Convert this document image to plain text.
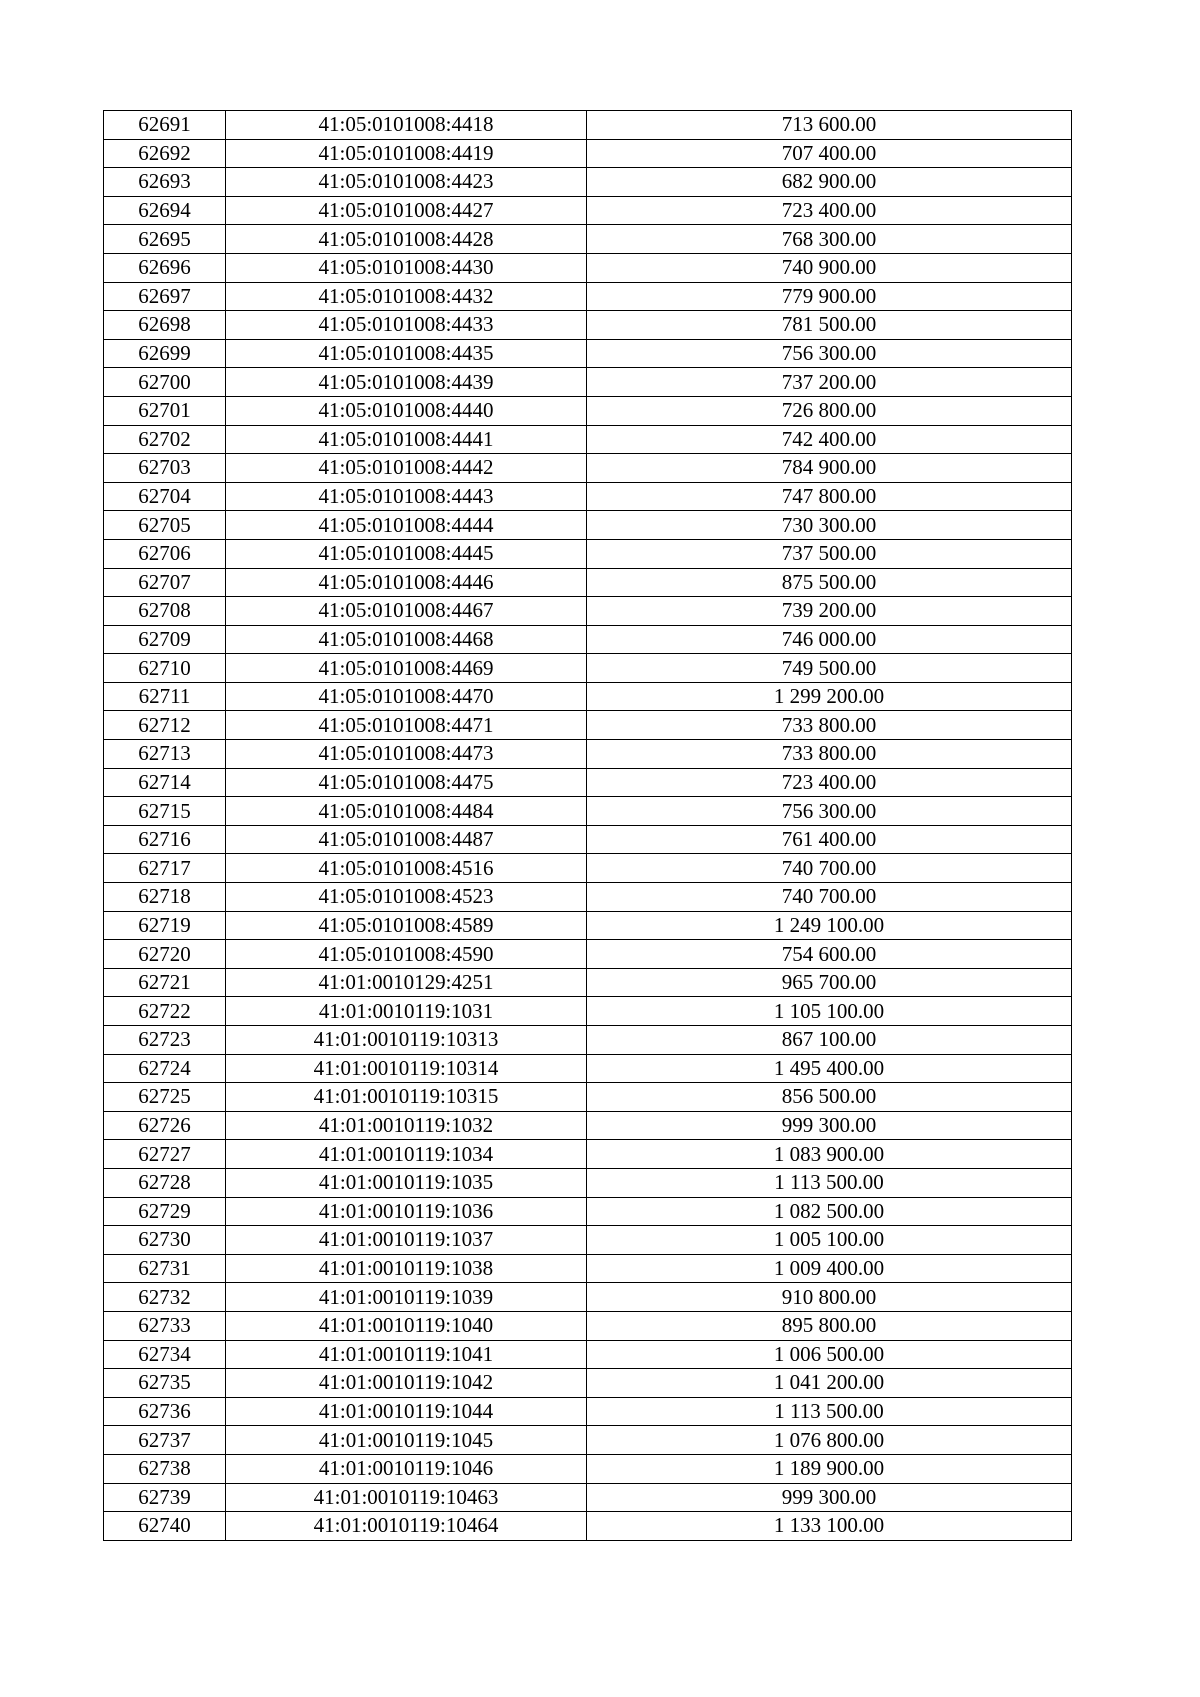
62691	41:05:0101008:4418	713 600.00
62692	41:05:0101008:4419	707 400.00
62693	41:05:0101008:4423	682 900.00
62694	41:05:0101008:4427	723 400.00
62695	41:05:0101008:4428	768 300.00
62696	41:05:0101008:4430	740 900.00
62697	41:05:0101008:4432	779 900.00
62698	41:05:0101008:4433	781 500.00
62699	41:05:0101008:4435	756 300.00
62700	41:05:0101008:4439	737 200.00
62701	41:05:0101008:4440	726 800.00
62702	41:05:0101008:4441	742 400.00
62703	41:05:0101008:4442	784 900.00
62704	41:05:0101008:4443	747 800.00
62705	41:05:0101008:4444	730 300.00
62706	41:05:0101008:4445	737 500.00
62707	41:05:0101008:4446	875 500.00
62708	41:05:0101008:4467	739 200.00
62709	41:05:0101008:4468	746 000.00
62710	41:05:0101008:4469	749 500.00
62711	41:05:0101008:4470	1 299 200.00
62712	41:05:0101008:4471	733 800.00
62713	41:05:0101008:4473	733 800.00
62714	41:05:0101008:4475	723 400.00
62715	41:05:0101008:4484	756 300.00
62716	41:05:0101008:4487	761 400.00
62717	41:05:0101008:4516	740 700.00
62718	41:05:0101008:4523	740 700.00
62719	41:05:0101008:4589	1 249 100.00
62720	41:05:0101008:4590	754 600.00
62721	41:01:0010129:4251	965 700.00
62722	41:01:0010119:1031	1 105 100.00
62723	41:01:0010119:10313	867 100.00
62724	41:01:0010119:10314	1 495 400.00
62725	41:01:0010119:10315	856 500.00
62726	41:01:0010119:1032	999 300.00
62727	41:01:0010119:1034	1 083 900.00
62728	41:01:0010119:1035	1 113 500.00
62729	41:01:0010119:1036	1 082 500.00
62730	41:01:0010119:1037	1 005 100.00
62731	41:01:0010119:1038	1 009 400.00
62732	41:01:0010119:1039	910 800.00
62733	41:01:0010119:1040	895 800.00
62734	41:01:0010119:1041	1 006 500.00
62735	41:01:0010119:1042	1 041 200.00
62736	41:01:0010119:1044	1 113 500.00
62737	41:01:0010119:1045	1 076 800.00
62738	41:01:0010119:1046	1 189 900.00
62739	41:01:0010119:10463	999 300.00
62740	41:01:0010119:10464	1 133 100.00
